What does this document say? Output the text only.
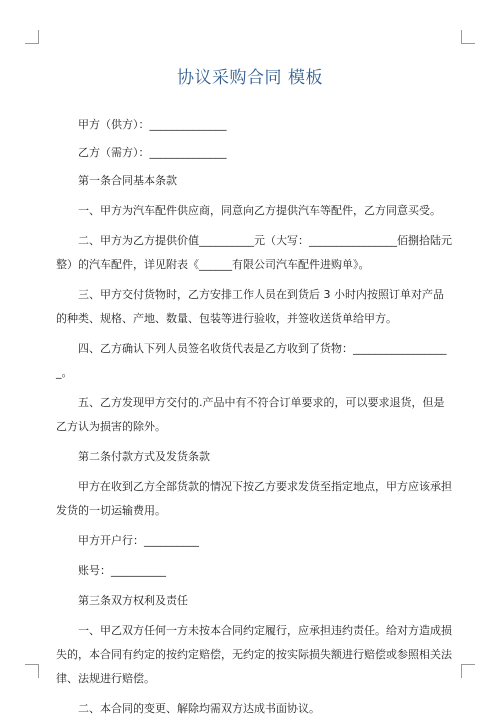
协议采购合同 模板

甲方（供方）：______________

乙方（需方）：______________

第一条合同基本条款

一、甲方为汽车配件供应商，同意向乙方提供汽车等配件，乙方同意买受。

二、甲方为乙方提供价值__________元（大写：________________佰捌拾陆元整）的汽车配件，详见附表《______有限公司汽车配件进购单》。

三、甲方交付货物时，乙方安排工作人员在到货后 3 小时内按照订单对产品的种类、规格、产地、数量、包装等进行验收，并签收送货单给甲方。

四、乙方确认下列人员签名收货代表是乙方收到了货物：__________________。

五、乙方发现甲方交付的.产品中有不符合订单要求的，可以要求退货，但是乙方认为损害的除外。

第二条付款方式及发货条款

甲方在收到乙方全部货款的情况下按乙方要求发货至指定地点，甲方应该承担发货的一切运输费用。

甲方开户行：__________

账号：__________

第三条双方权利及责任

一、甲乙双方任何一方未按本合同约定履行，应承担违约责任。给对方造成损失的，本合同有约定的按约定赔偿，无约定的按实际损失额进行赔偿或参照相关法律、法规进行赔偿。

二、本合同的变更、解除均需双方达成书面协议。
